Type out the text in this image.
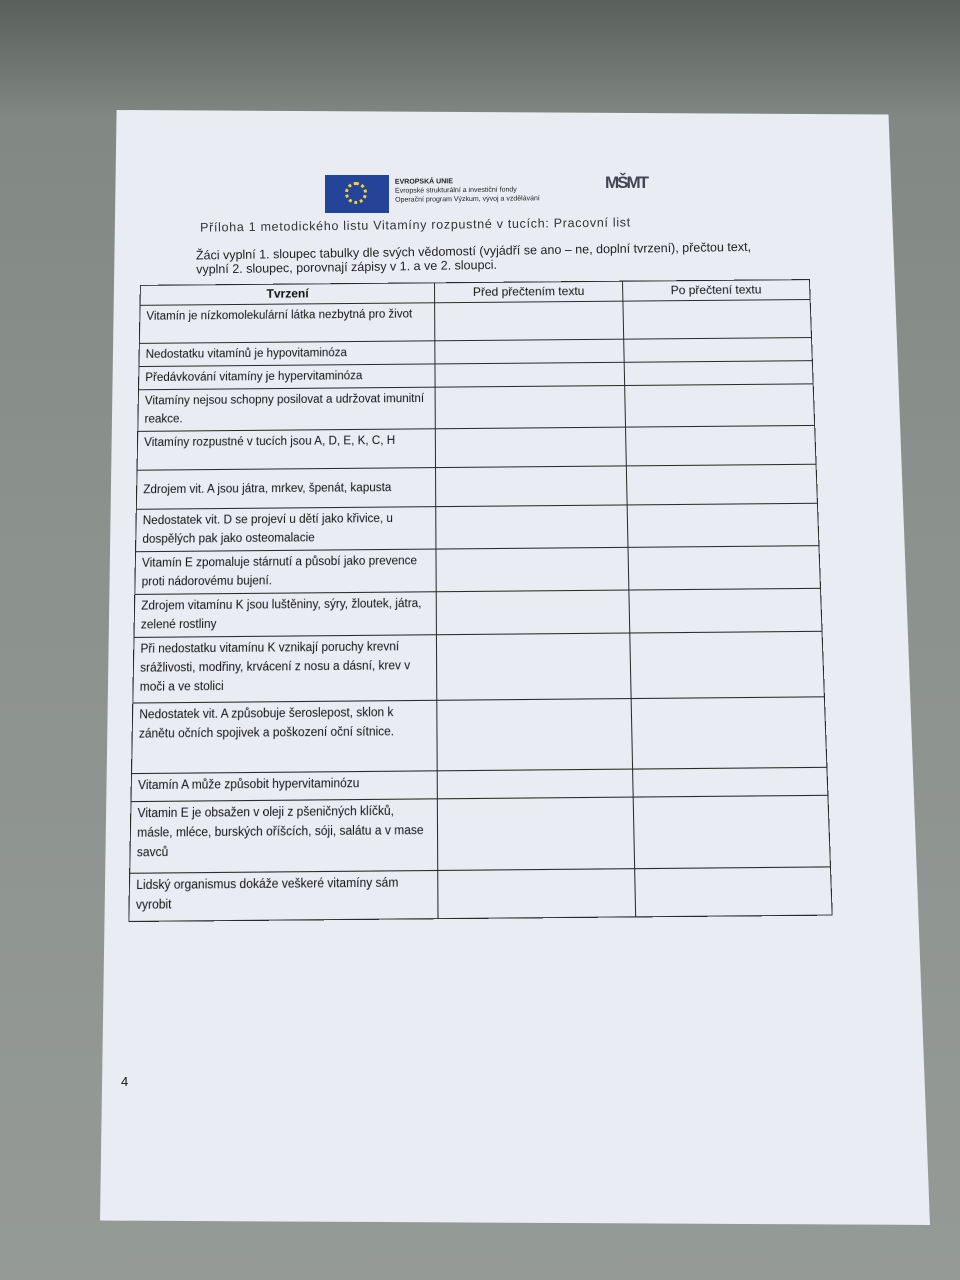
EVROPSKÁ UNIE
Evropské strukturální a investiční fondy
Operační program Výzkum, vývoj a vzdělávání
MŠMT
Příloha 1 metodického listu Vitamíny rozpustné v tucích: Pracovní list
Žáci vyplní 1. sloupec tabulky dle svých vědomostí (vyjádří se ano – ne, doplní tvrzení), přečtou text, vyplní 2. sloupec, porovnají zápisy v 1. a ve 2. sloupci.
Tvrzení	Před přečtením textu	Po přečtení textu
Vitamín je nízkomolekulární látka nezbytná pro život		
Nedostatku vitamínů je hypovitaminóza		
Předávkování vitamíny je hypervitaminóza		
Vitamíny nejsou schopny posilovat a udržovat imunitní reakce.		
Vitamíny rozpustné v tucích jsou A, D, E, K, C, H		
Zdrojem vit. A jsou játra, mrkev, špenát, kapusta		
Nedostatek vit. D se projeví u dětí jako křivice, u dospělých pak jako osteomalacie		
Vitamín E zpomaluje stárnutí a působí jako prevence proti nádorovému bujení.		
Zdrojem vitamínu K jsou luštěniny, sýry, žloutek, játra, zelené rostliny		
Při nedostatku vitamínu K vznikají poruchy krevní srážlivosti, modřiny, krvácení z nosu a dásní, krev v moči a ve stolici		
Nedostatek vit. A způsobuje šeroslepost, sklon k zánětu očních spojivek a poškození oční sítnice.		
Vitamín A může způsobit hypervitaminózu		
Vitamin E je obsažen v oleji z pšeničných klíčků, másle, mléce, burských oříšcích, sóji, salátu a v mase savců		
Lidský organismus dokáže veškeré vitamíny sám vyrobit		
4
